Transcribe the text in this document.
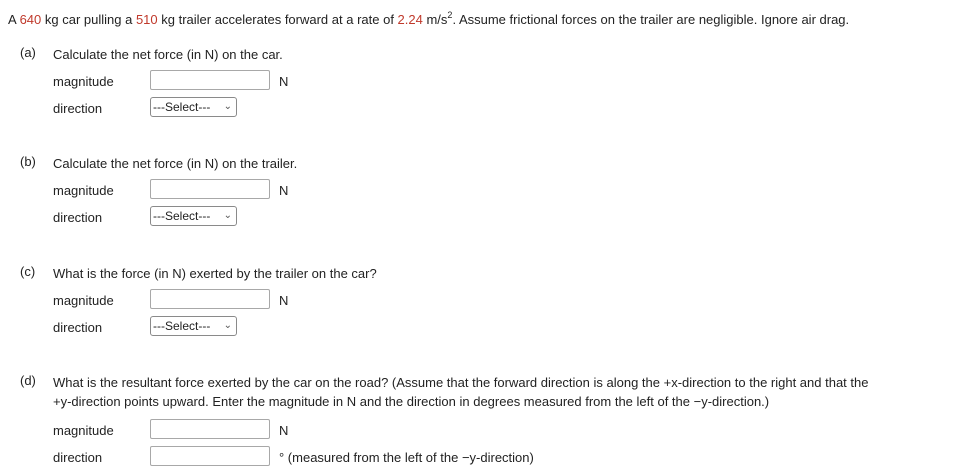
A 640 kg car pulling a 510 kg trailer accelerates forward at a rate of 2.24 $m/s^2$. Assume frictional forces on the trailer are negligible. Ignore air drag.
(a) Calculate the net force (in N) on the car.
magnitude	N
direction	---Select--- ⌄
(b) Calculate the net force (in N) on the trailer.
magnitude	N
direction	---Select--- ⌄
(c) What is the force (in N) exerted by the trailer on the car?
magnitude	N
direction	---Select--- ⌄
(d) What is the resultant force exerted by the car on the road? (Assume that the forward direction is along the +x-direction to the right and that the
+y-direction points upward. Enter the magnitude in N and the direction in degrees measured from the left of the −y-direction.)
magnitude	N
direction	° (measured from the left of the −y-direction)
